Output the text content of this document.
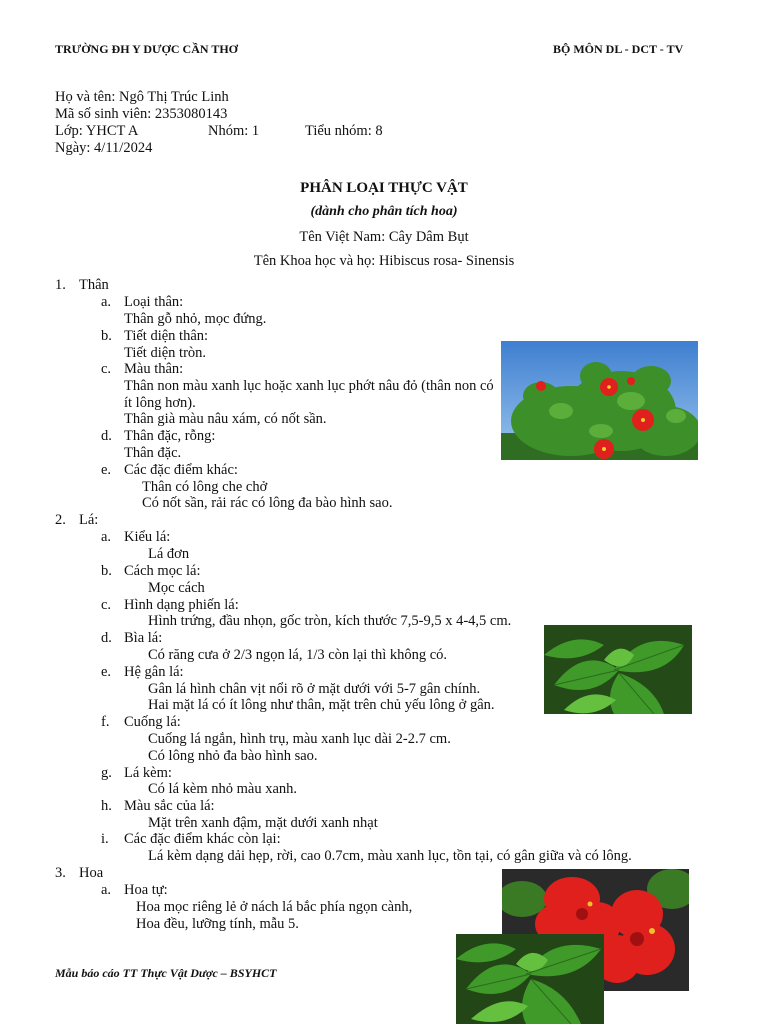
TRƯỜNG ĐH Y DƯỢC CẦN THƠ	BỘ MÔN DL - DCT - TV
Họ và tên: Ngô Thị Trúc Linh
Mã số sinh viên: 2353080143
Lớp: YHCT A	Nhóm: 1	Tiểu nhóm: 8
Ngày: 4/11/2024
PHÂN LOẠI THỰC VẬT
(dành cho phân tích hoa)
Tên Việt Nam: Cây Dâm Bụt
Tên Khoa học và họ: Hibiscus rosa- Sinensis
1. Thân
a. Loại thân:
Thân gỗ nhỏ, mọc đứng.
b. Tiết diện thân:
Tiết diện tròn.
c. Màu thân:
Thân non màu xanh lục hoặc xanh lục phớt nâu đỏ (thân non có ít lông hơn).
Thân già màu nâu xám, có nốt sần.
d. Thân đặc, rỗng:
Thân đặc.
e. Các đặc điểm khác:
Thân có lông che chở
Có nốt sần, rải rác có lông đa bào hình sao.
2. Lá:
a. Kiểu lá:
Lá đơn
b. Cách mọc lá:
Mọc cách
c. Hình dạng phiến lá:
Hình trứng, đầu nhọn, gốc tròn, kích thước 7,5-9,5 x 4-4,5 cm.
d. Bìa lá:
Có răng cưa ở 2/3 ngọn lá, 1/3 còn lại thì không có.
e. Hệ gân lá:
Gân lá hình chân vịt nổi rõ ở mặt dưới với 5-7 gân chính.
Hai mặt lá có ít lông như thân, mặt trên chủ yếu lông ở gân.
f. Cuống lá:
Cuống lá ngắn, hình trụ, màu xanh lục dài 2-2.7 cm.
Có lông nhỏ đa bào hình sao.
g. Lá kèm:
Có lá kèm nhỏ màu xanh.
h. Màu sắc của lá:
Mặt trên xanh đậm, mặt dưới xanh nhạt
i. Các đặc điểm khác còn lại:
Lá kèm dạng dải hẹp, rời, cao 0.7cm, màu xanh lục, tồn tại, có gân giữa và có lông.
3. Hoa
a. Hoa tự:
Hoa mọc riêng lẻ ở nách lá bắc phía ngọn cành,
Hoa đều, lưỡng tính, mẫu 5.
Mẫu báo cáo TT Thực Vật Dược – BSYHCT
